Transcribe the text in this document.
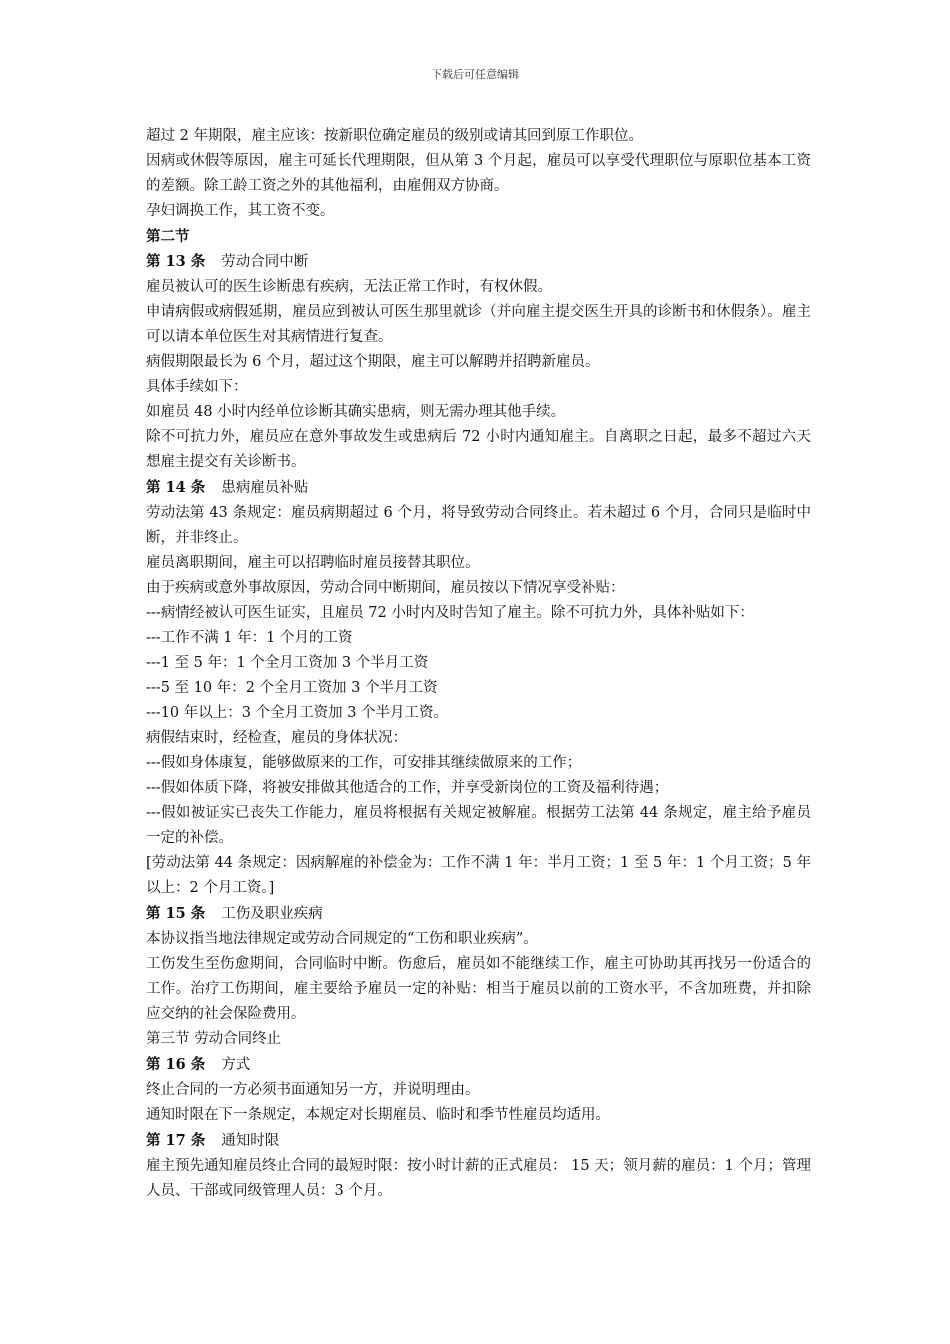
下载后可任意编辑

超过 2 年期限，雇主应该：按新职位确定雇员的级别或请其回到原工作职位。

因病或休假等原因，雇主可延长代理期限，但从第 3 个月起，雇员可以享受代理职位与原职位基本工资的差额。除工龄工资之外的其他福利，由雇佣双方协商。

孕妇调换工作，其工资不变。

第二节

第 13 条 劳动合同中断

雇员被认可的医生诊断患有疾病，无法正常工作时，有权休假。

申请病假或病假延期，雇员应到被认可医生那里就诊（并向雇主提交医生开具的诊断书和休假条）。雇主可以请本单位医生对其病情进行复查。

病假期限最长为 6 个月，超过这个期限，雇主可以解聘并招聘新雇员。

具体手续如下：

如雇员 48 小时内经单位诊断其确实患病，则无需办理其他手续。

除不可抗力外，雇员应在意外事故发生或患病后 72 小时内通知雇主。自离职之日起，最多不超过六天想雇主提交有关诊断书。

第 14 条 患病雇员补贴

劳动法第 43 条规定：雇员病期超过 6 个月，将导致劳动合同终止。若未超过 6 个月，合同只是临时中断，并非终止。

雇员离职期间，雇主可以招聘临时雇员接替其职位。

由于疾病或意外事故原因，劳动合同中断期间，雇员按以下情况享受补贴：

---病情经被认可医生证实，且雇员 72 小时内及时告知了雇主。除不可抗力外，具体补贴如下：

---工作不满 1 年：1 个月的工资

---1 至 5 年：1 个全月工资加 3 个半月工资

---5 至 10 年：2 个全月工资加 3 个半月工资

---10 年以上：3 个全月工资加 3 个半月工资。

病假结束时，经检查，雇员的身体状况：

---假如身体康复，能够做原来的工作，可安排其继续做原来的工作；

---假如体质下降，将被安排做其他适合的工作，并享受新岗位的工资及福利待遇；

---假如被证实已丧失工作能力，雇员将根据有关规定被解雇。根据劳工法第 44 条规定，雇主给予雇员一定的补偿。

[劳动法第 44 条规定：因病解雇的补偿金为：工作不满 1 年：半月工资；1 至 5 年：1 个月工资；5 年以上：2 个月工资。]

第 15 条 工伤及职业疾病

本协议指当地法律规定或劳动合同规定的“工伤和职业疾病”。

工伤发生至伤愈期间，合同临时中断。伤愈后，雇员如不能继续工作，雇主可协助其再找另一份适合的工作。治疗工伤期间，雇主要给予雇员一定的补贴：相当于雇员以前的工资水平，不含加班费，并扣除应交纳的社会保险费用。

第三节 劳动合同终止

第 16 条 方式

终止合同的一方必须书面通知另一方，并说明理由。

通知时限在下一条规定，本规定对长期雇员、临时和季节性雇员均适用。

第 17 条 通知时限

雇主预先通知雇员终止合同的最短时限：按小时计薪的正式雇员： 15 天；领月薪的雇员：1 个月；管理人员、干部或同级管理人员：3 个月。
